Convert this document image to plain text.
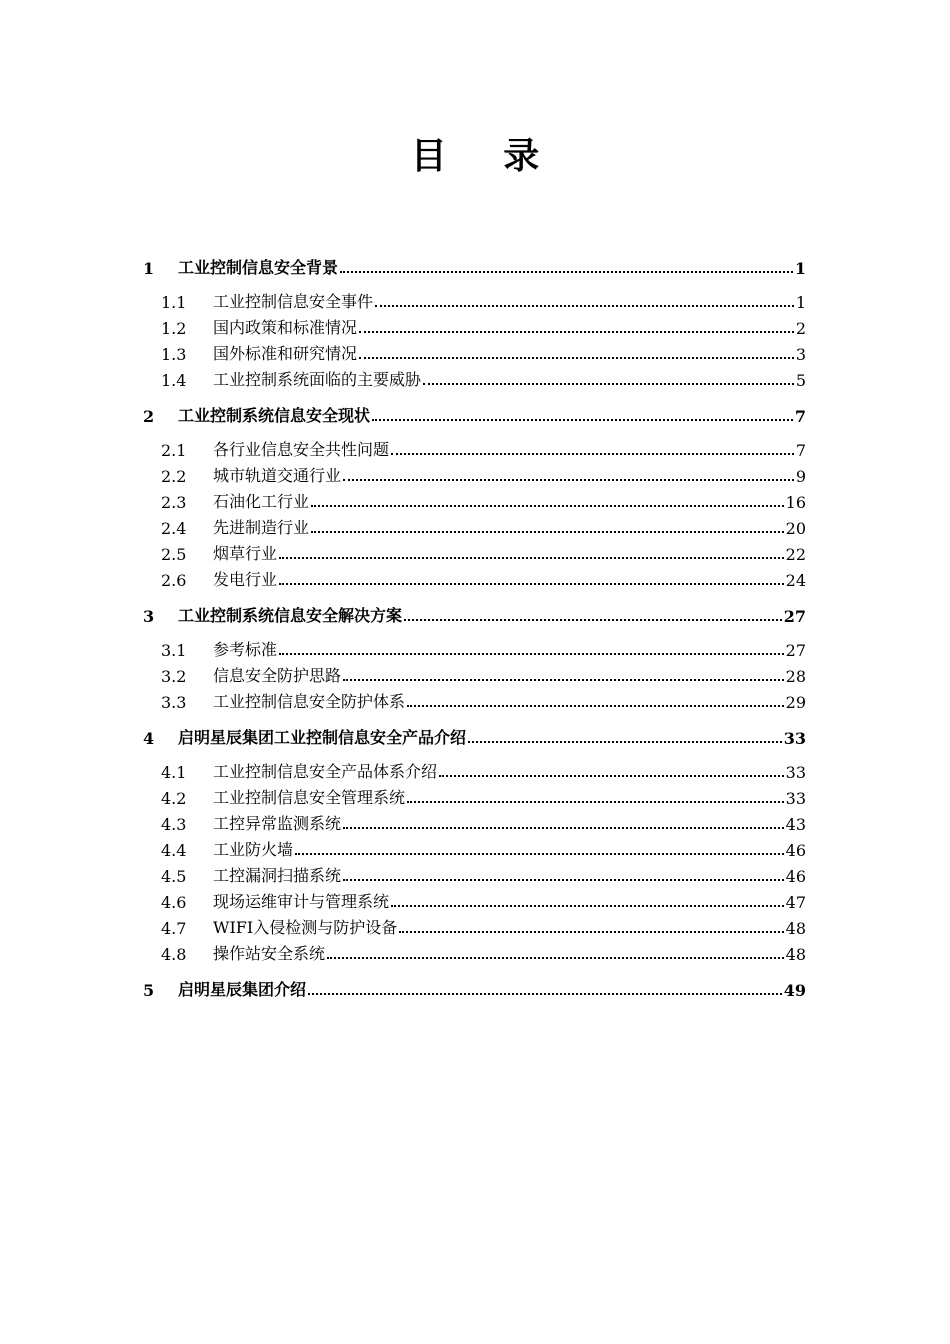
目 录
1	工业控制信息安全背景	1
1.1	工业控制信息安全事件	1
1.2	国内政策和标准情况	2
1.3	国外标准和研究情况	3
1.4	工业控制系统面临的主要威胁	5
2	工业控制系统信息安全现状	7
2.1	各行业信息安全共性问题	7
2.2	城市轨道交通行业	9
2.3	石油化工行业	16
2.4	先进制造行业	20
2.5	烟草行业	22
2.6	发电行业	24
3	工业控制系统信息安全解决方案	27
3.1	参考标准	27
3.2	信息安全防护思路	28
3.3	工业控制信息安全防护体系	29
4	启明星辰集团工业控制信息安全产品介绍	33
4.1	工业控制信息安全产品体系介绍	33
4.2	工业控制信息安全管理系统	33
4.3	工控异常监测系统	43
4.4	工业防火墙	46
4.5	工控漏洞扫描系统	46
4.6	现场运维审计与管理系统	47
4.7	WIFI入侵检测与防护设备	48
4.8	操作站安全系统	48
5	启明星辰集团介绍	49
